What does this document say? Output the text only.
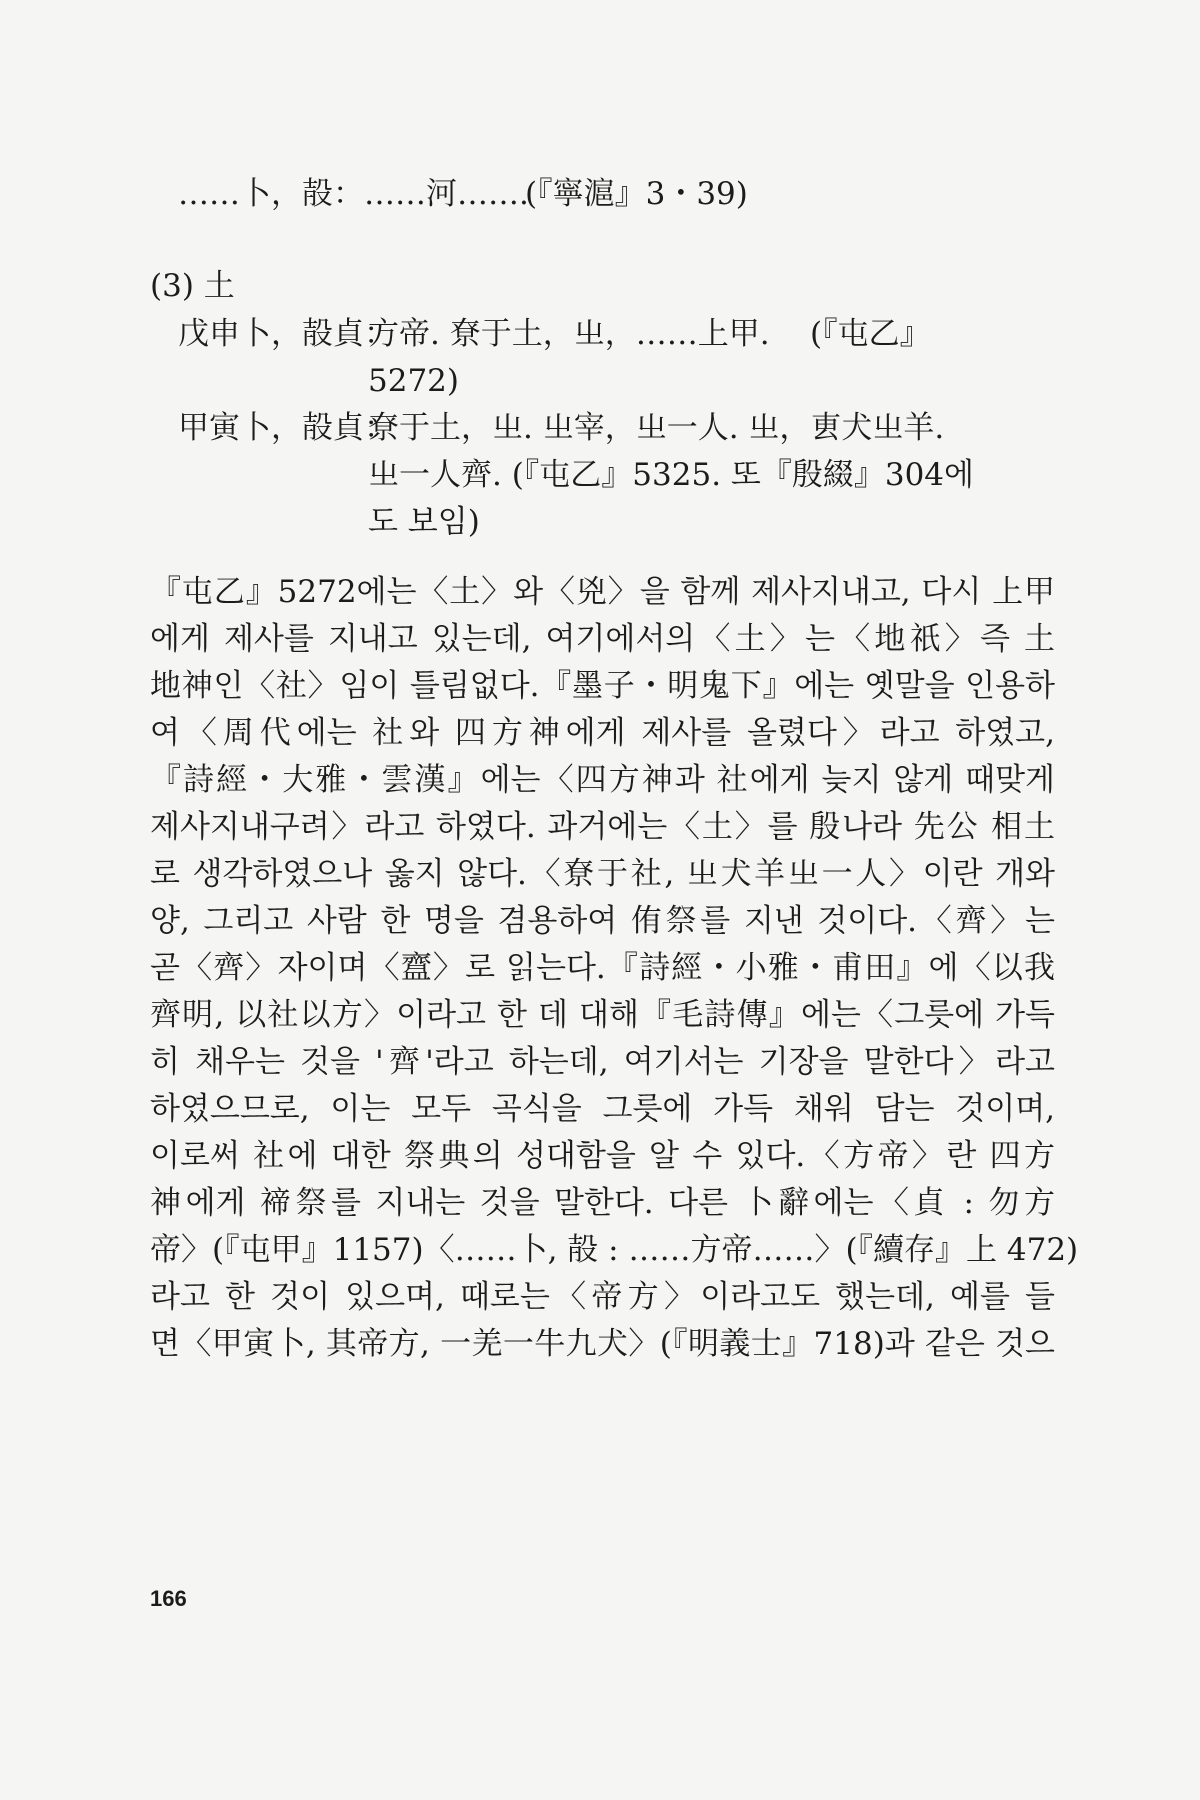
……卜，㱿：……河…….
(『寧滬』3・39)
(3) 土
戊申卜，㱿貞：
方帝. 尞于土，㞢，……上甲. (『屯乙』
5272)
甲寅卜，㱿貞：
尞于土，㞢. 㞢宰，㞢一人. 㞢，叀犬㞢羊.
㞢一人齊. (『屯乙』5325. 또『殷綴』304에
도 보임)
『屯乙』5272에는〈土〉와〈兇〉을 함께 제사지내고, 다시 上甲
에게 제사를 지내고 있는데, 여기에서의〈土〉는〈地祇〉즉 土
地神인〈社〉임이 틀림없다.『墨子・明鬼下』에는 옛말을 인용하
여〈周代에는 社와 四方神에게 제사를 올렸다〉라고 하였고,
『詩經・大雅・雲漢』에는〈四方神과 社에게 늦지 않게 때맞게
제사지내구려〉라고 하였다. 과거에는〈土〉를 殷나라 先公 相土
로 생각하였으나 옳지 않다.〈尞于社, 㞢犬羊㞢一人〉이란 개와
양, 그리고 사람 한 명을 겸용하여 侑祭를 지낸 것이다.〈齊〉는
곧〈齊〉자이며〈齍〉로 읽는다.『詩經・小雅・甫田』에〈以我
齊明, 以社以方〉이라고 한 데 대해『毛詩傳』에는〈그릇에 가득
히 채우는 것을 '齊'라고 하는데, 여기서는 기장을 말한다〉라고
하였으므로, 이는 모두 곡식을 그릇에 가득 채워 담는 것이며,
이로써 社에 대한 祭典의 성대함을 알 수 있다.〈方帝〉란 四方
神에게 禘祭를 지내는 것을 말한다. 다른 卜辭에는〈貞 : 勿方
帝〉(『屯甲』1157)〈……卜, 㱿 : ……方帝……〉(『續存』上 472)
라고 한 것이 있으며, 때로는〈帝方〉이라고도 했는데, 예를 들
면〈甲寅卜, 其帝方, 一羌一牛九犬〉(『明義士』718)과 같은 것으
166
